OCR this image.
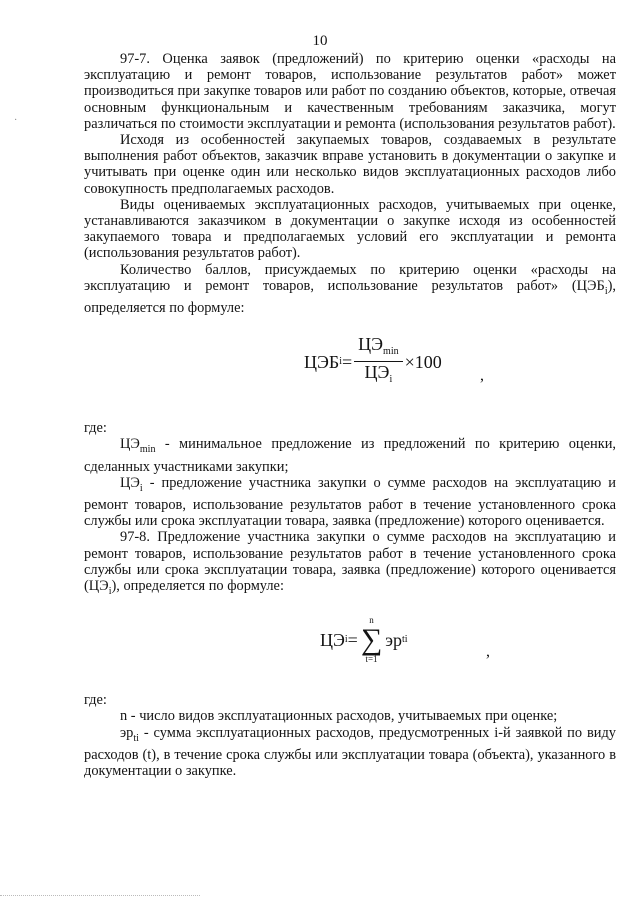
10
·

97-7. Оценка заявок (предложений) по критерию оценки «расходы на эксплуатацию и ремонт товаров, использование результатов работ» может производиться при закупке товаров или работ по созданию объектов, которые, отвечая основным функциональным и качественным требованиям заказчика, могут различаться по стоимости эксплуатации и ремонта (использования результатов работ).

Исходя из особенностей закупаемых товаров, создаваемых в результате выполнения работ объектов, заказчик вправе установить в документации о закупке и учитывать при оценке один или несколько видов эксплуатационных расходов либо совокупность предполагаемых расходов.

Виды оцениваемых эксплуатационных расходов, учитываемых при оценке, устанавливаются заказчиком в документации о закупке исходя из особенностей закупаемого товара и предполагаемых условий его эксплуатации и ремонта (использования результатов работ).

Количество баллов, присуждаемых по критерию оценки «расходы на эксплуатацию и ремонт товаров, использование результатов работ» $(ЦЭБ_i)$, определяется по формуле:

ЦЭБ $i = \frac{ЦЭ_{min}}{ЦЭ_i} \times 100$
,

где:

$ЦЭ_{min}$ - минимальное предложение из предложений по критерию оценки, сделанных участниками закупки;

$ЦЭ_i$ - предложение участника закупки о сумме расходов на эксплуатацию и ремонт товаров, использование результатов работ в течение установленного срока службы или срока эксплуатации товара, заявка (предложение) которого оценивается.

97-8. Предложение участника закупки о сумме расходов на эксплуатацию и ремонт товаров, использование результатов работ в течение установленного срока службы или срока эксплуатации товара, заявка (предложение) которого оценивается $(ЦЭ_i)$, определяется по формуле:

ЦЭ i =
n
∑
t=1
эр ti
,

где:

n - число видов эксплуатационных расходов, учитываемых при оценке;

$эр_{ti}$ - сумма эксплуатационных расходов, предусмотренных i-й заявкой по виду расходов (t), в течение срока службы или эксплуатации товара (объекта), указанного в документации о закупке.
